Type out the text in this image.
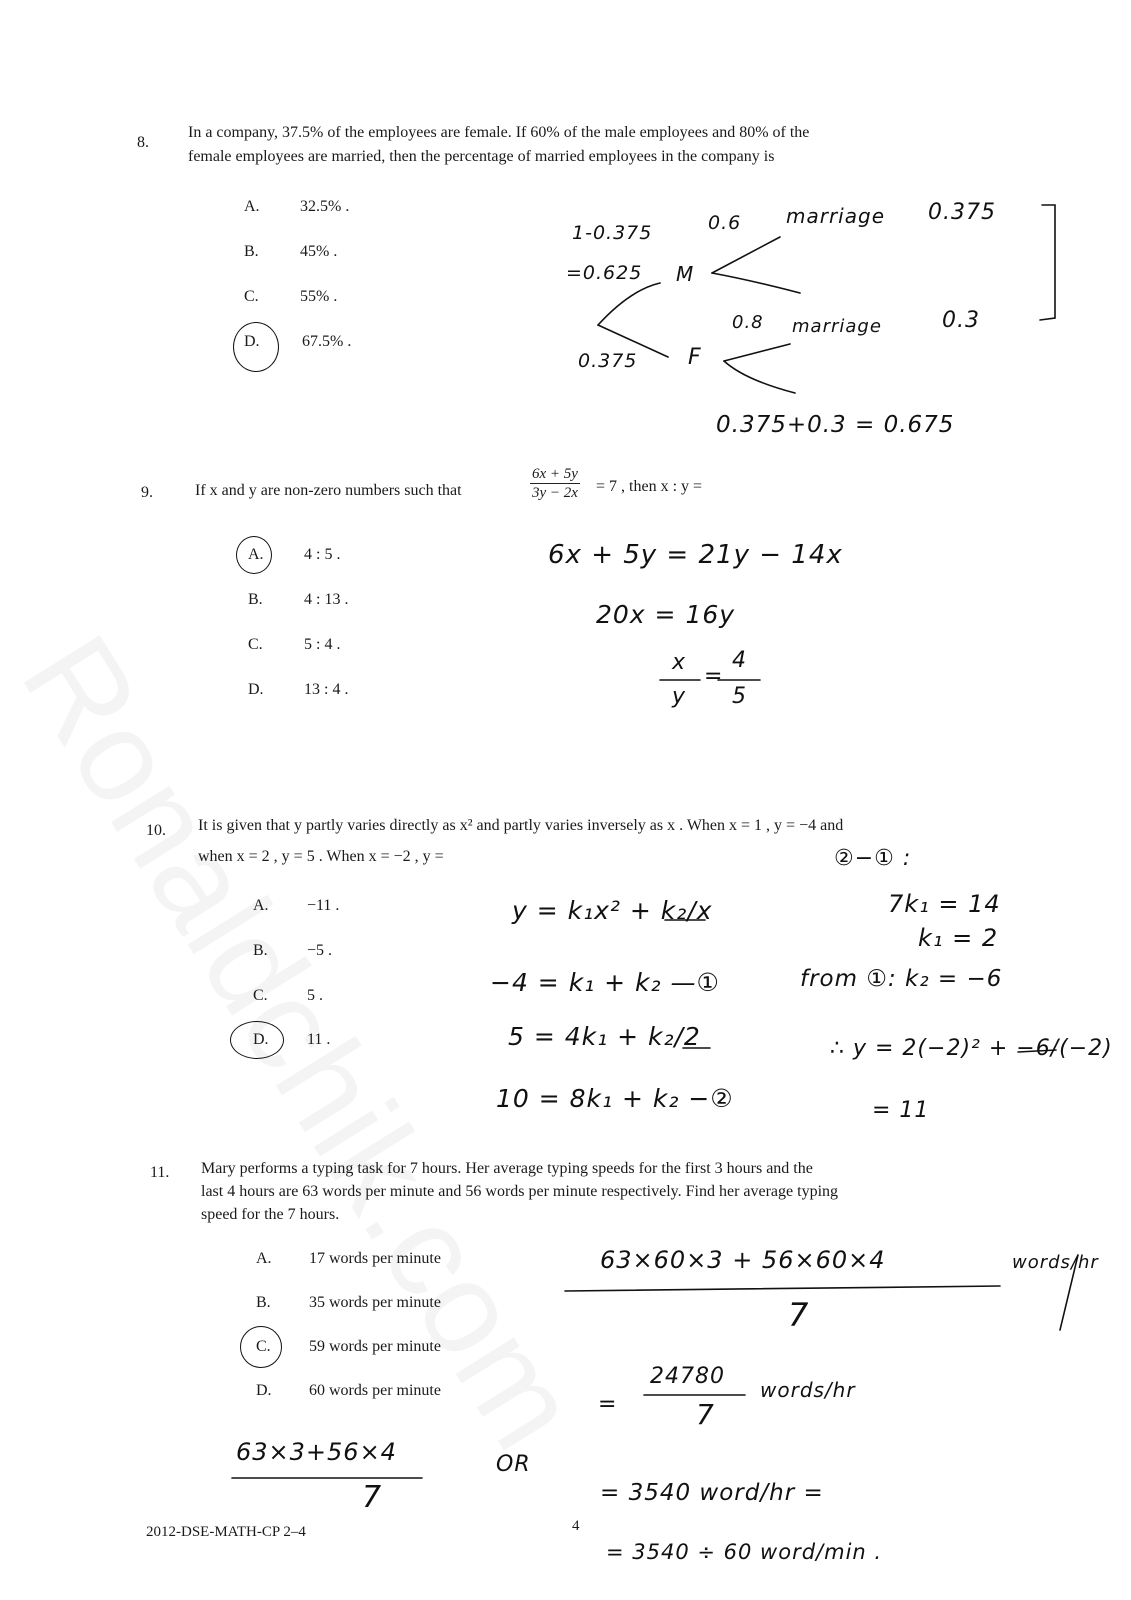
8.
In a company, 37.5% of the employees are female. If 60% of the male employees and 80% of the
female employees are married, then the percentage of married employees in the company is
A.	32.5% .
B.	45% .
C.	55% .
D.	67.5% .
1-0.375
=0.625 M
0.375 F
0.6
0.8
marriage
marriage
0.375
0.3
0.375+0.3 = 0.675
9.	If x and y are non-zero numbers such that	$\frac{6x + 5y}{3y - 2x} = 7$ , then x : y =
A.	4 : 5 .
B.	4 : 13 .
C.	5 : 4 .
D.	13 : 4 .
6x + 5y = 21y − 14x
20x = 16y
x
y
=
4
5
10. It is given that y partly varies directly as x² and partly varies inversely as x . When x = 1 , y = −4 and
when x = 2 , y = 5 . When x = −2 , y =
A. −11 .
B. −5 .
C. 5 .
D. 11 .
y = k₁x² + k₂/x
−4 = k₁ + k₂ —①
5 = 4k₁ + k₂/2
10 = 8k₁ + k₂ −②
②−① :
7k₁ = 14
k₁ = 2
from ①: k₂ = −6
∴ y = 2(−2)² + −6/(−2)
= 11
11. Mary performs a typing task for 7 hours. Her average typing speeds for the first 3 hours and the
last 4 hours are 63 words per minute and 56 words per minute respectively. Find her average typing
speed for the 7 hours.
A. 17 words per minute
B. 35 words per minute
C. 59 words per minute
D. 60 words per minute
63×3+56×4
7
OR
63×60×3 + 56×60×4
7
words/hr
=
24780
7
words/hr
= 3540 word/hr =
= 3540 ÷ 60 word/min .
2012-DSE-MATH-CP 2–4	4
